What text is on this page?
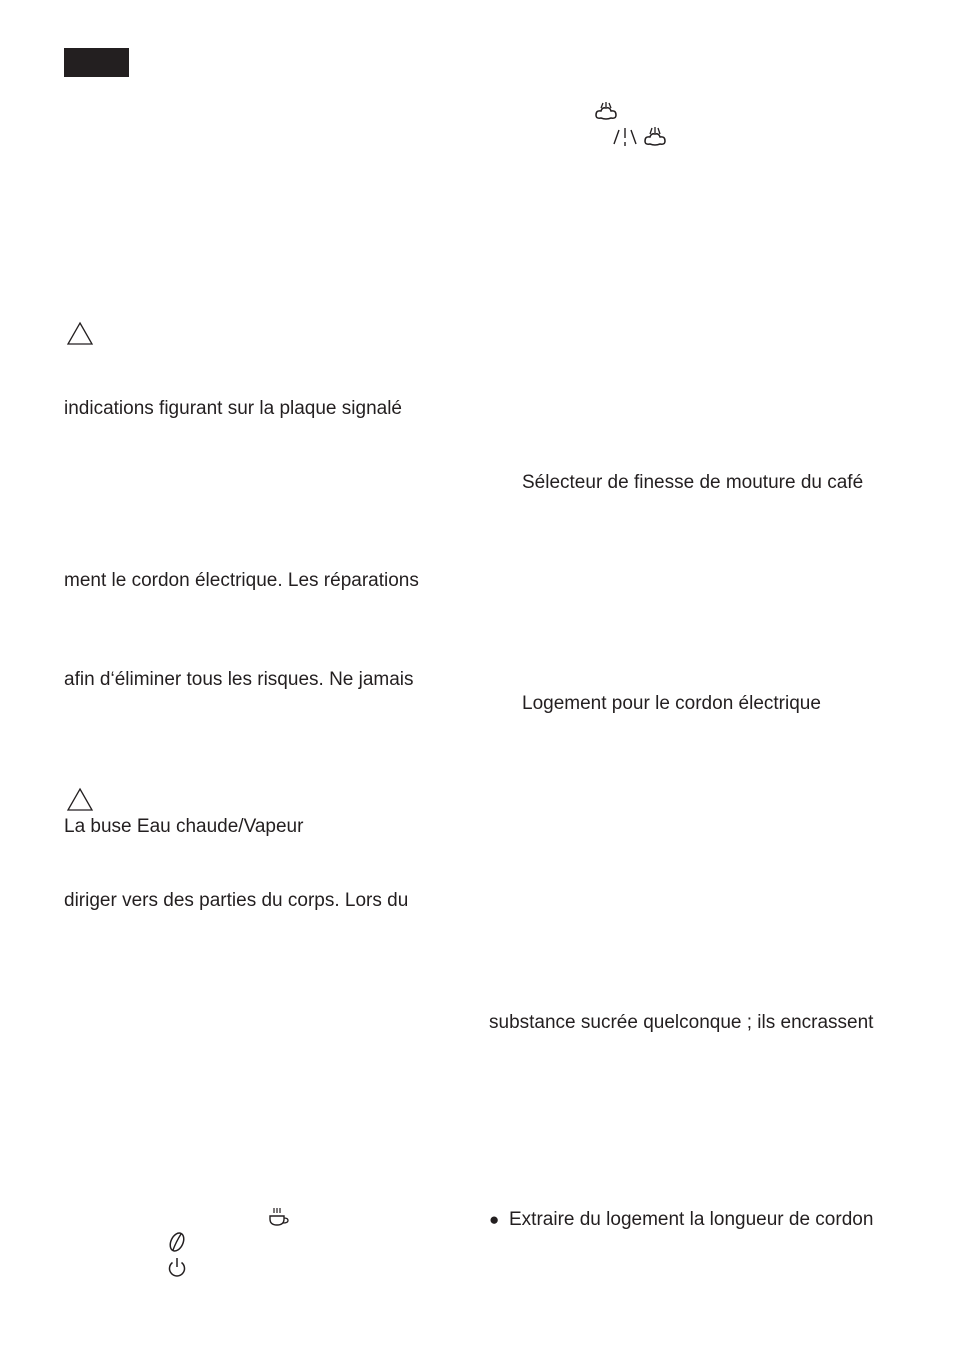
indications figurant sur la plaque signalé
ment le cordon électrique. Les réparations
afin d‘éliminer tous les risques. Ne jamais
La buse Eau chaude/Vapeur
diriger vers des parties du corps. Lors du
Sélecteur de finesse de mouture du café
Logement pour le cordon électrique
substance sucrée quelconque ; ils encrassent
● Extraire du logement la longueur de cordon
